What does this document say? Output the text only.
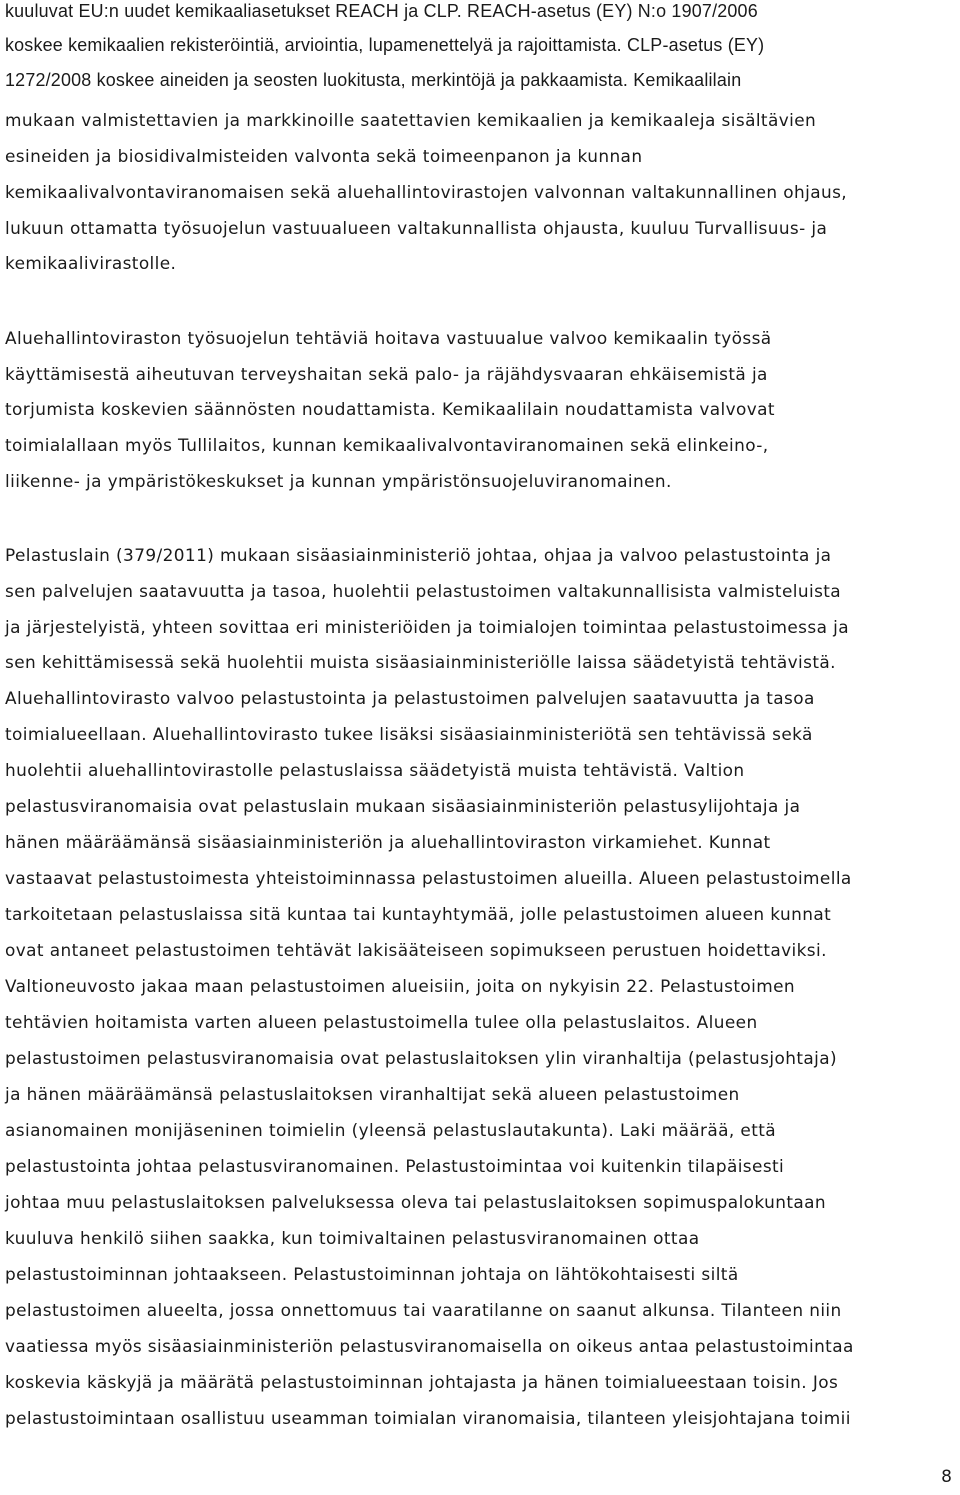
kuuluvat EU:n uudet kemikaaliasetukset REACH ja CLP. REACH-asetus (EY) N:o 1907/2006
koskee kemikaalien rekisteröintiä, arviointia, lupamenettelyä ja rajoittamista. CLP-asetus (EY)
1272/2008 koskee aineiden ja seosten luokitusta, merkintöjä ja pakkaamista. Kemikaalilain
mukaan valmistettavien ja markkinoille saatettavien kemikaalien ja kemikaaleja sisältävien
esineiden ja biosidivalmisteiden valvonta sekä toimeenpanon ja kunnan
kemikaalivalvontaviranomaisen sekä aluehallintovirastojen valvonnan valtakunnallinen ohjaus,
lukuun ottamatta työsuojelun vastuualueen valtakunnallista ohjausta, kuuluu Turvallisuus- ja
kemikaalivirastolle.
Aluehallintoviraston työsuojelun tehtäviä hoitava vastuualue valvoo kemikaalin työssä
käyttämisestä aiheutuvan terveyshaitan sekä palo- ja räjähdysvaaran ehkäisemistä ja
torjumista koskevien säännösten noudattamista. Kemikaalilain noudattamista valvovat
toimialallaan myös Tullilaitos, kunnan kemikaalivalvontaviranomainen sekä elinkeino-,
liikenne- ja ympäristökeskukset ja kunnan ympäristönsuojeluviranomainen.
Pelastuslain (379/2011) mukaan sisäasiainministeriö johtaa, ohjaa ja valvoo pelastustointa ja
sen palvelujen saatavuutta ja tasoa, huolehtii pelastustoimen valtakunnallisista valmisteluista
ja järjestelyistä, yhteen sovittaa eri ministeriöiden ja toimialojen toimintaa pelastustoimessa ja
sen kehittämisessä sekä huolehtii muista sisäasiainministeriölle laissa säädetyistä tehtävistä.
Aluehallintovirasto valvoo pelastustointa ja pelastustoimen palvelujen saatavuutta ja tasoa
toimialueellaan. Aluehallintovirasto tukee lisäksi sisäasiainministeriötä sen tehtävissä sekä
huolehtii aluehallintovirastolle pelastuslaissa säädetyistä muista tehtävistä. Valtion
pelastusviranomaisia ovat pelastuslain mukaan sisäasiainministeriön pelastusylijohtaja ja
hänen määräämänsä sisäasiainministeriön ja aluehallintoviraston virkamiehet. Kunnat
vastaavat pelastustoimesta yhteistoiminnassa pelastustoimen alueilla. Alueen pelastustoimella
tarkoitetaan pelastuslaissa sitä kuntaa tai kuntayhtymää, jolle pelastustoimen alueen kunnat
ovat antaneet pelastustoimen tehtävät lakisääteiseen sopimukseen perustuen hoidettaviksi.
Valtioneuvosto jakaa maan pelastustoimen alueisiin, joita on nykyisin 22. Pelastustoimen
tehtävien hoitamista varten alueen pelastustoimella tulee olla pelastuslaitos. Alueen
pelastustoimen pelastusviranomaisia ovat pelastuslaitoksen ylin viranhaltija (pelastusjohtaja)
ja hänen määräämänsä pelastuslaitoksen viranhaltijat sekä alueen pelastustoimen
asianomainen monijäseninen toimielin (yleensä pelastuslautakunta). Laki määrää, että
pelastustointa johtaa pelastusviranomainen. Pelastustoimintaa voi kuitenkin tilapäisesti
johtaa muu pelastuslaitoksen palveluksessa oleva tai pelastuslaitoksen sopimuspalokuntaan
kuuluva henkilö siihen saakka, kun toimivaltainen pelastusviranomainen ottaa
pelastustoiminnan johtaakseen. Pelastustoiminnan johtaja on lähtökohtaisesti siltä
pelastustoimen alueelta, jossa onnettomuus tai vaaratilanne on saanut alkunsa. Tilanteen niin
vaatiessa myös sisäasiainministeriön pelastusviranomaisella on oikeus antaa pelastustoimintaa
koskevia käskyjä ja määrätä pelastustoiminnan johtajasta ja hänen toimialueestaan toisin. Jos
pelastustoimintaan osallistuu useamman toimialan viranomaisia, tilanteen yleisjohtajana toimii
8
